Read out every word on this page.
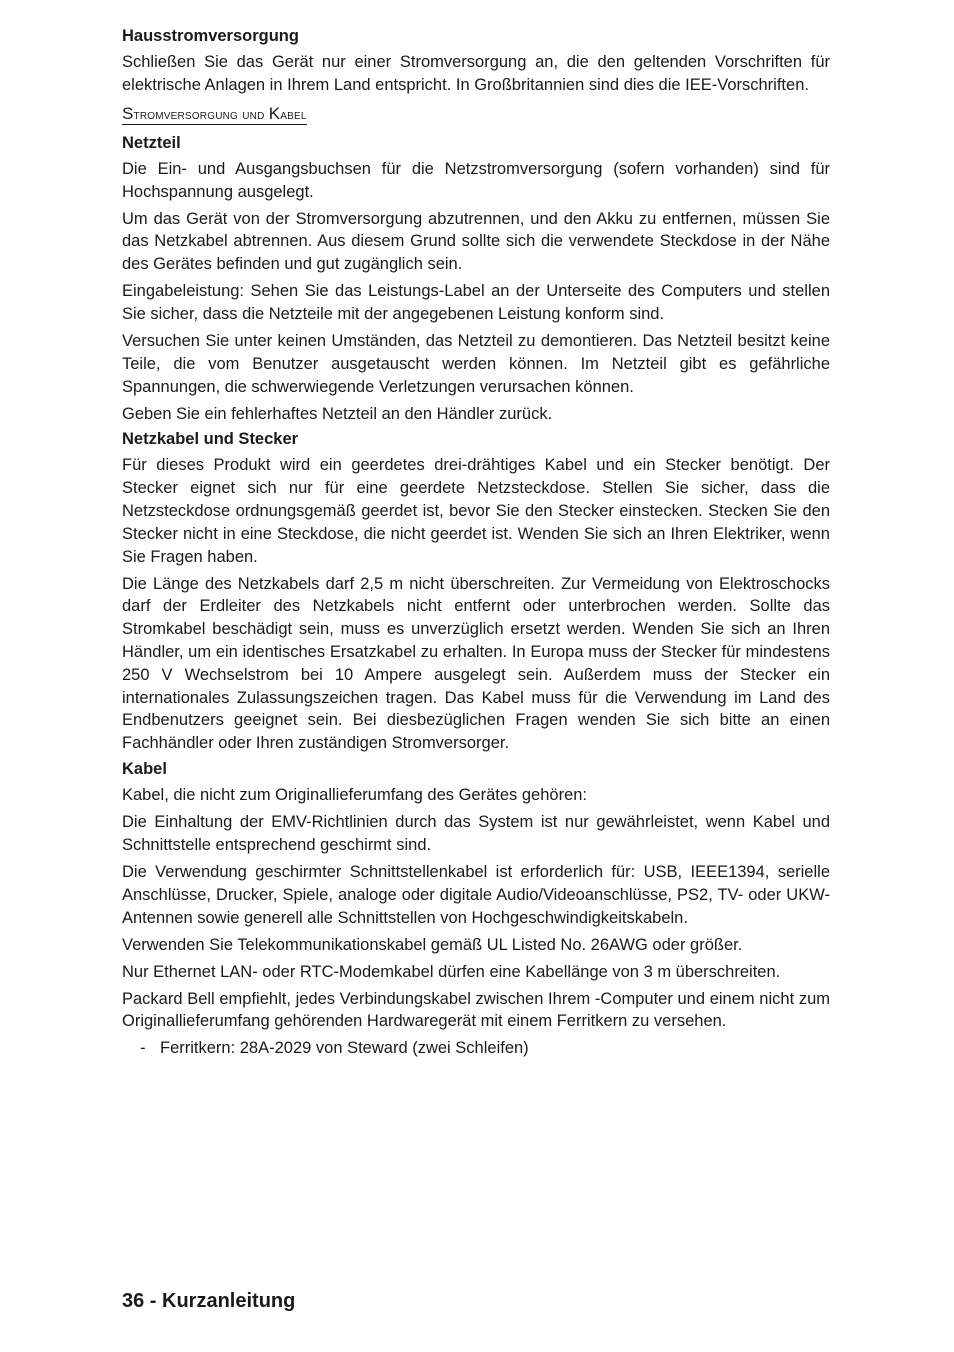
Hausstromversorgung

Schließen Sie das Gerät nur einer Stromversorgung an, die den geltenden Vorschriften für elektrische Anlagen in Ihrem Land entspricht. In Großbritannien sind dies die IEE-Vorschriften.

Stromversorgung und Kabel
Netzteil

Die Ein- und Ausgangsbuchsen für die Netzstromversorgung (sofern vorhanden) sind für Hochspannung ausgelegt.

Um das Gerät von der Stromversorgung abzutrennen, und den Akku zu entfernen, müssen Sie das Netzkabel abtrennen. Aus diesem Grund sollte sich die verwendete Steckdose in der Nähe des Gerätes befinden und gut zugänglich sein.

Eingabeleistung: Sehen Sie das Leistungs-Label an der Unterseite des Computers und stellen Sie sicher, dass die Netzteile mit der angegebenen Leistung konform sind.

Versuchen Sie unter keinen Umständen, das Netzteil zu demontieren. Das Netzteil besitzt keine Teile, die vom Benutzer ausgetauscht werden können. Im Netzteil gibt es gefährliche Spannungen, die schwerwiegende Verletzungen verursachen können.

Geben Sie ein fehlerhaftes Netzteil an den Händler zurück.

Netzkabel und Stecker

Für dieses Produkt wird ein geerdetes drei-drähtiges Kabel und ein Stecker benötigt. Der Stecker eignet sich nur für eine geerdete Netzsteckdose. Stellen Sie sicher, dass die Netzsteckdose ordnungsgemäß geerdet ist, bevor Sie den Stecker einstecken. Stecken Sie den Stecker nicht in eine Steckdose, die nicht geerdet ist. Wenden Sie sich an Ihren Elektriker, wenn Sie Fragen haben.

Die Länge des Netzkabels darf 2,5 m nicht überschreiten. Zur Vermeidung von Elektroschocks darf der Erdleiter des Netzkabels nicht entfernt oder unterbrochen werden. Sollte das Stromkabel beschädigt sein, muss es unverzüglich ersetzt werden. Wenden Sie sich an Ihren Händler, um ein identisches Ersatzkabel zu erhalten. In Europa muss der Stecker für mindestens 250 V Wechselstrom bei 10 Ampere ausgelegt sein. Außerdem muss der Stecker ein internationales Zulassungszeichen tragen. Das Kabel muss für die Verwendung im Land des Endbenutzers geeignet sein. Bei diesbezüglichen Fragen wenden Sie sich bitte an einen Fachhändler oder Ihren zuständigen Stromversorger.

Kabel

Kabel, die nicht zum Originallieferumfang des Gerätes gehören:

Die Einhaltung der EMV-Richtlinien durch das System ist nur gewährleistet, wenn Kabel und Schnittstelle entsprechend geschirmt sind.

Die Verwendung geschirmter Schnittstellenkabel ist erforderlich für: USB, IEEE1394, serielle Anschlüsse, Drucker, Spiele, analoge oder digitale Audio/Videoanschlüsse, PS2, TV- oder UKW-Antennen sowie generell alle Schnittstellen von Hochgeschwindigkeitskabeln.

Verwenden Sie Telekommunikationskabel gemäß UL Listed No. 26AWG oder größer.

Nur Ethernet LAN- oder RTC-Modemkabel dürfen eine Kabellänge von 3 m überschreiten.

Packard Bell empfiehlt, jedes Verbindungskabel zwischen Ihrem -Computer und einem nicht zum Originallieferumfang gehörenden Hardwaregerät mit einem Ferritkern zu versehen.

- Ferritkern: 28A-2029 von Steward (zwei Schleifen)
36 - Kurzanleitung
